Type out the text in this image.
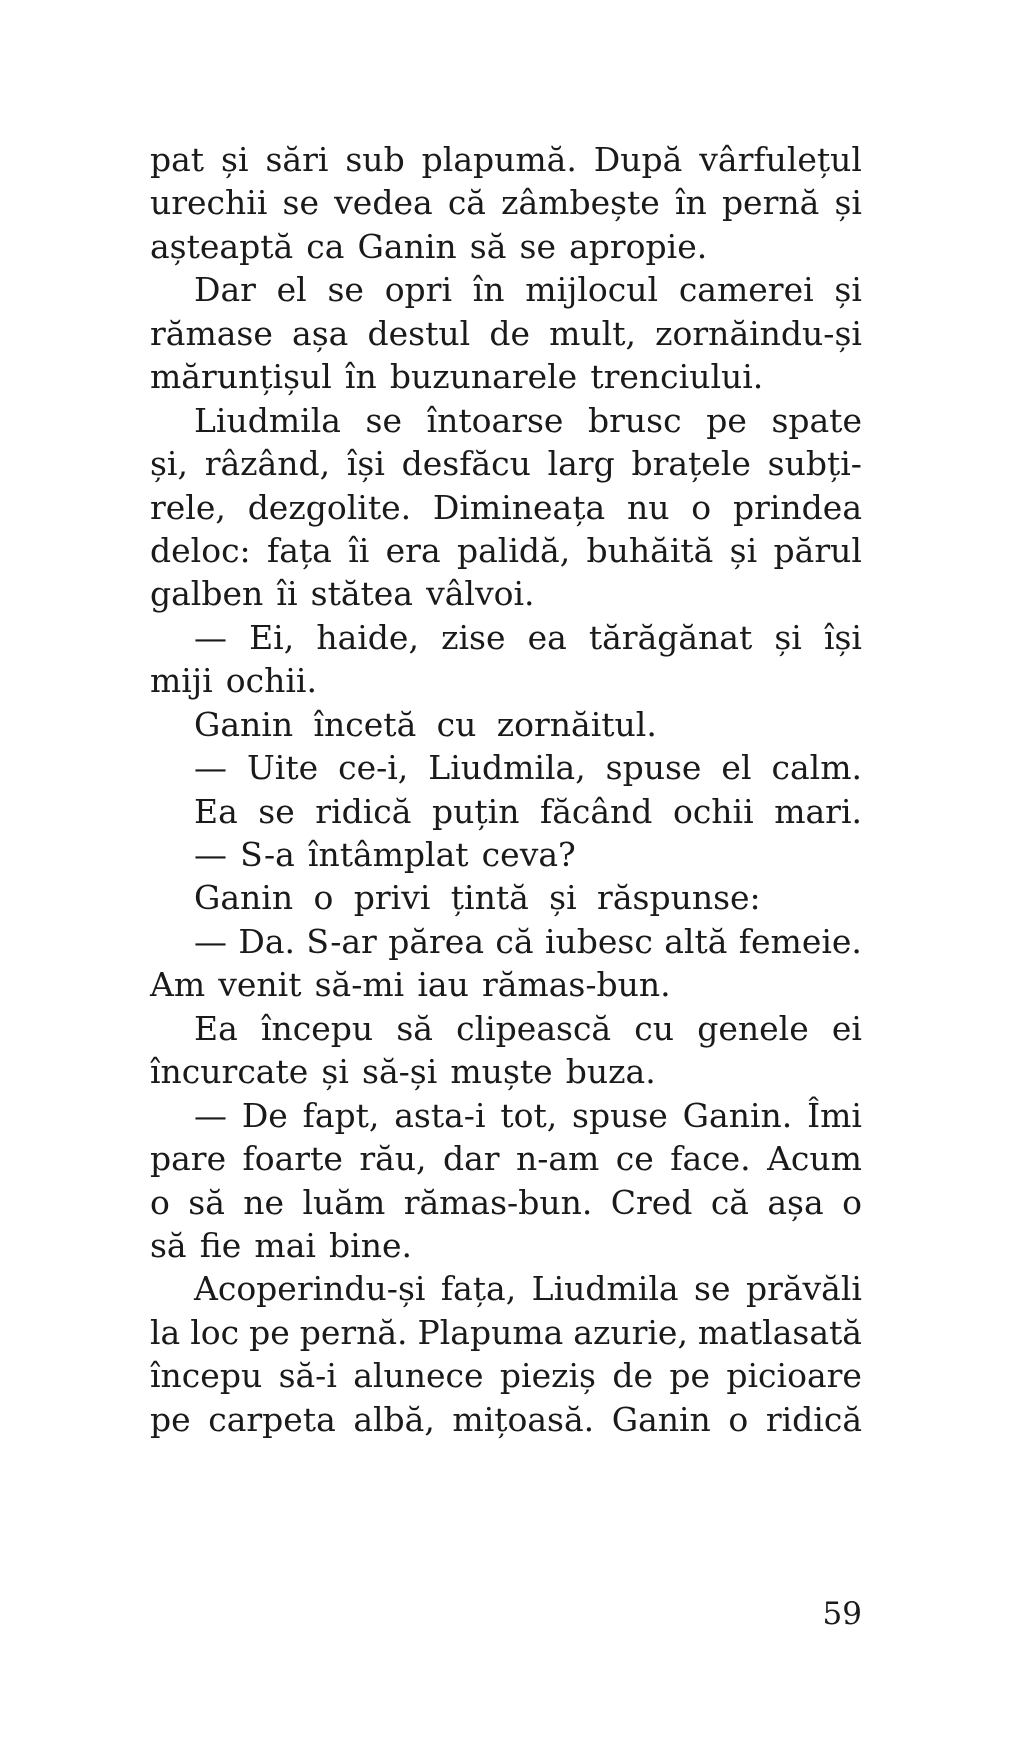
pat și sări sub plapumă. După vârfulețul
urechii se vedea că zâmbește în pernă și
așteaptă ca Ganin să se apropie.
Dar el se opri în mijlocul camerei și
rămase așa destul de mult, zornăindu-și
mărunțișul în buzunarele trenciului.
Liudmila se întoarse brusc pe spate
și, râzând, își desfăcu larg brațele subți-
rele, dezgolite. Dimineața nu o prindea
deloc: fața îi era palidă, buhăită și părul
galben îi stătea vâlvoi.
— Ei, haide, zise ea tărăgănat și își
miji ochii.
Ganin încetă cu zornăitul.
— Uite ce-i, Liudmila, spuse el calm.
Ea se ridică puțin făcând ochii mari.
— S-a întâmplat ceva?
Ganin o privi țintă și răspunse:
— Da. S-ar părea că iubesc altă femeie.
Am venit să-mi iau rămas-bun.
Ea începu să clipească cu genele ei
încurcate și să-și muște buza.
— De fapt, asta-i tot, spuse Ganin. Îmi
pare foarte rău, dar n-am ce face. Acum
o să ne luăm rămas-bun. Cred că așa o
să fie mai bine.
Acoperindu-și fața, Liudmila se prăvăli
la loc pe pernă. Plapuma azurie, matlasată
începu să-i alunece pieziș de pe picioare
pe carpeta albă, mițoasă. Ganin o ridică
59
